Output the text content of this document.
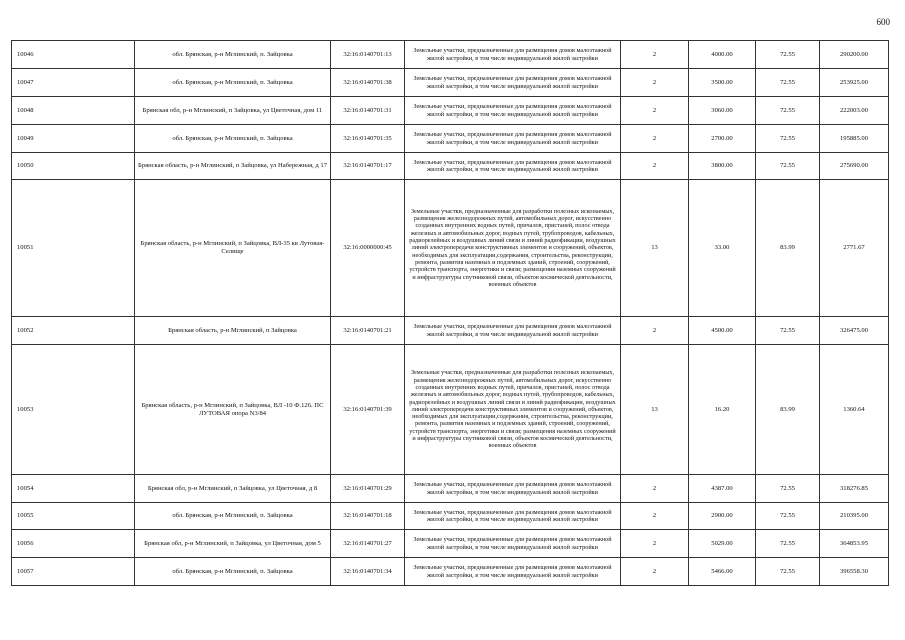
600
10046	обл. Брянская, р-н Мглинский, п. Зайцовка	32:16:0140701:13	Земельные участки, предназначенные для размещения домов малоэтажной жилой застройки, в том числе индивидуальной жилой застройки	2	4000.00	72.55	290200.00
10047	обл. Брянская, р-н Мглинский, п. Зайцовка	32:16:0140701:38	Земельные участки, предназначенные для размещения домов малоэтажной жилой застройки, в том числе индивидуальной жилой застройки	2	3500.00	72.55	253925.00
10048	Брянская обл, р-н Мглинский, п Зайцовка, ул Цветочная, дом 11	32:16:0140701:31	Земельные участки, предназначенные для размещения домов малоэтажной жилой застройки, в том числе индивидуальной жилой застройки	2	3060.00	72.55	222003.00
10049	обл. Брянская, р-н Мглинский, п. Зайцовка	32:16:0140701:35	Земельные участки, предназначенные для размещения домов малоэтажной жилой застройки, в том числе индивидуальной жилой застройки	2	2700.00	72.55	195885.00
10050	Брянская область, р-н Мглинский, п Зайцовка, ул Набережная, д 17	32:16:0140701:17	Земельные участки, предназначенные для размещения домов малоэтажной жилой застройки, в том числе индивидуальной жилой застройки	2	3800.00	72.55	275690.00
10051	Брянская область, р-н Мглинский, п Зайцовка, ВЛ-35 кв Лутовая-Селище	32:16:0000000:45	Земельные участки, предназначенные для разработки полезных ископаемых, размещения железнодорожных путей, автомобильных дорог, искусственно созданных внутренних водных путей, причалов, пристаней, полос отвода железных и автомобильных дорог, водных путей, трубопроводов, кабельных, радиорелейных и воздушных линий связи и линий радиофикации, воздушных линий электропередачи конструктивных элементов и сооружений, объектов, необходимых для эксплуатации,содержания, строительства, реконструкции, ремонта, развития наземных и подземных зданий, строений, сооружений, устройств транспорта, энергетики и связи; размещения наземных сооружений и инфраструктуры спутниковой связи, объектов космической деятельности, военных объектов	13	33.00	83.99	2771.67
10052	Брянская область, р-н Мглинский, п Зайцовка	32:16:0140701:21	Земельные участки, предназначенные для размещения домов малоэтажной жилой застройки, в том числе индивидуальной жилой застройки	2	4500.00	72.55	326475.00
10053	Брянская область, р-н Мглинский, п Зайцовка, ВЛ -10 Ф.126. ПС ЛУТОВАЯ опора N3/84	32:16:0140701:39	Земельные участки, предназначенные для разработки полезных ископаемых, размещения железнодорожных путей, автомобильных дорог, искусственно созданных внутренних водных путей, причалов, пристаней, полос отвода железных и автомобильных дорог, водных путей, трубопроводов, кабельных, радиорелейных и воздушных линий связи и линий радиофикации, воздушных линий электропередачи конструктивных элементов и сооружений, объектов, необходимых для эксплуатации,содержания, строительства, реконструкции, ремонта, развития наземных и подземных зданий, строений, сооружений, устройств транспорта, энергетики и связи; размещения наземных сооружений и инфраструктуры спутниковой связи, объектов космической деятельности, военных объектов	13	16.20	83.99	1360.64
10054	Брянская обл, р-н Мглинский, п Зайцовка, ул Цветочная, д 8	32:16:0140701:29	Земельные участки, предназначенные для размещения домов малоэтажной жилой застройки, в том числе индивидуальной жилой застройки	2	4387.00	72.55	318276.85
10055	обл. Брянская, р-н Мглинский, п. Зайцовка	32:16:0140701:18	Земельные участки, предназначенные для размещения домов малоэтажной жилой застройки, в том числе индивидуальной жилой застройки	2	2900.00	72.55	210395.00
10056	Брянская обл, р-н Мглинский, п Зайцовка, ул Цветочная, дом 5	32:16:0140701:27	Земельные участки, предназначенные для размещения домов малоэтажной жилой застройки, в том числе индивидуальной жилой застройки	2	5029.00	72.55	364853.95
10057	обл. Брянская, р-н Мглинский, п. Зайцовка	32:16:0140701:34	Земельные участки, предназначенные для размещения домов малоэтажной жилой застройки, в том числе индивидуальной жилой застройки	2	5466.00	72.55	396558.30
